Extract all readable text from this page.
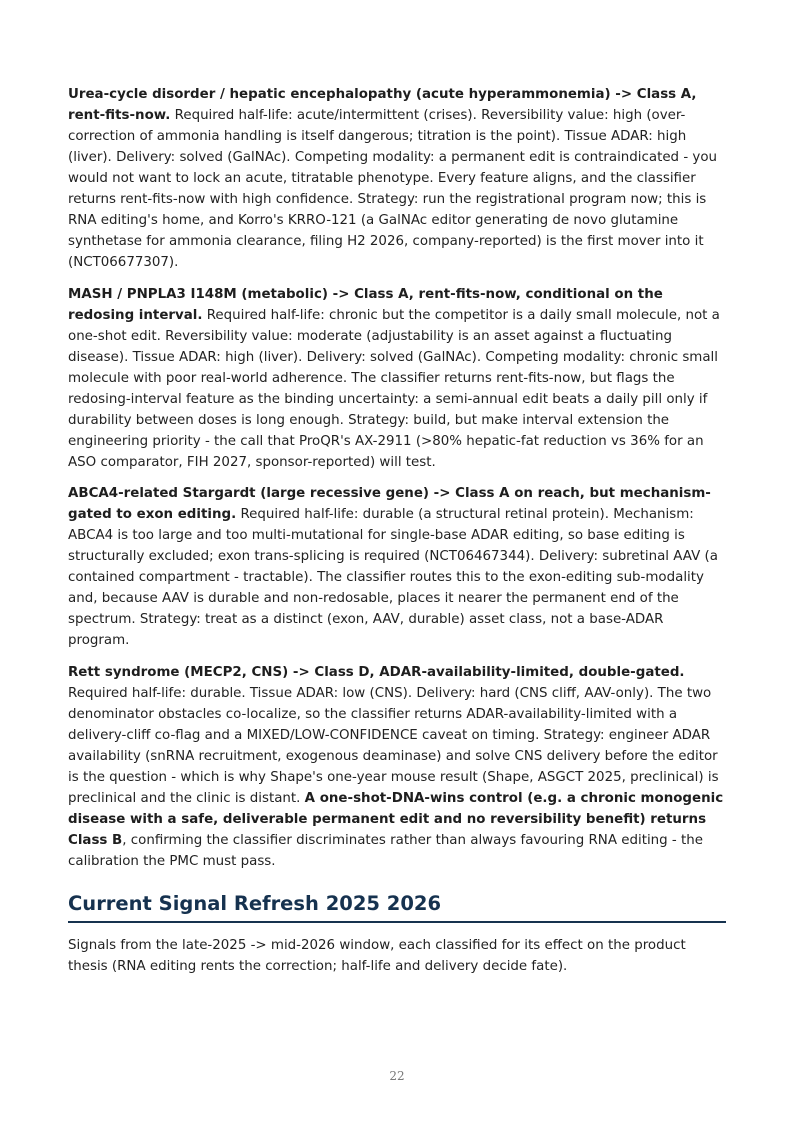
Urea-cycle disorder / hepatic encephalopathy (acute hyperammonemia) -> Class A, rent-fits-now. Required half-life: acute/intermittent (crises). Reversibility value: high (over-correction of ammonia handling is itself dangerous; titration is the point). Tissue ADAR: high (liver). Delivery: solved (GalNAc). Competing modality: a permanent edit is contraindicated - you would not want to lock an acute, titratable phenotype. Every feature aligns, and the classifier returns rent-fits-now with high confidence. Strategy: run the registrational program now; this is RNA editing's home, and Korro's KRRO-121 (a GalNAc editor generating de novo glutamine synthetase for ammonia clearance, filing H2 2026, company-reported) is the first mover into it (NCT06677307).

MASH / PNPLA3 I148M (metabolic) -> Class A, rent-fits-now, conditional on the redosing interval. Required half-life: chronic but the competitor is a daily small molecule, not a one-shot edit. Reversibility value: moderate (adjustability is an asset against a fluctuating disease). Tissue ADAR: high (liver). Delivery: solved (GalNAc). Competing modality: chronic small molecule with poor real-world adherence. The classifier returns rent-fits-now, but flags the redosing-interval feature as the binding uncertainty: a semi-annual edit beats a daily pill only if durability between doses is long enough. Strategy: build, but make interval extension the engineering priority - the call that ProQR's AX-2911 (>80% hepatic-fat reduction vs 36% for an ASO comparator, FIH 2027, sponsor-reported) will test.

ABCA4-related Stargardt (large recessive gene) -> Class A on reach, but mechanism-gated to exon editing. Required half-life: durable (a structural retinal protein). Mechanism: ABCA4 is too large and too multi-mutational for single-base ADAR editing, so base editing is structurally excluded; exon trans-splicing is required (NCT06467344). Delivery: subretinal AAV (a contained compartment - tractable). The classifier routes this to the exon-editing sub-modality and, because AAV is durable and non-redosable, places it nearer the permanent end of the spectrum. Strategy: treat as a distinct (exon, AAV, durable) asset class, not a base-ADAR program.

Rett syndrome (MECP2, CNS) -> Class D, ADAR-availability-limited, double-gated. Required half-life: durable. Tissue ADAR: low (CNS). Delivery: hard (CNS cliff, AAV-only). The two denominator obstacles co-localize, so the classifier returns ADAR-availability-limited with a delivery-cliff co-flag and a MIXED/LOW-CONFIDENCE caveat on timing. Strategy: engineer ADAR availability (snRNA recruitment, exogenous deaminase) and solve CNS delivery before the editor is the question - which is why Shape's one-year mouse result (Shape, ASGCT 2025, preclinical) is preclinical and the clinic is distant. A one-shot-DNA-wins control (e.g. a chronic monogenic disease with a safe, deliverable permanent edit and no reversibility benefit) returns Class B, confirming the classifier discriminates rather than always favouring RNA editing - the calibration the PMC must pass.

Current Signal Refresh 2025 2026

Signals from the late-2025 -> mid-2026 window, each classified for its effect on the product thesis (RNA editing rents the correction; half-life and delivery decide fate).

22
